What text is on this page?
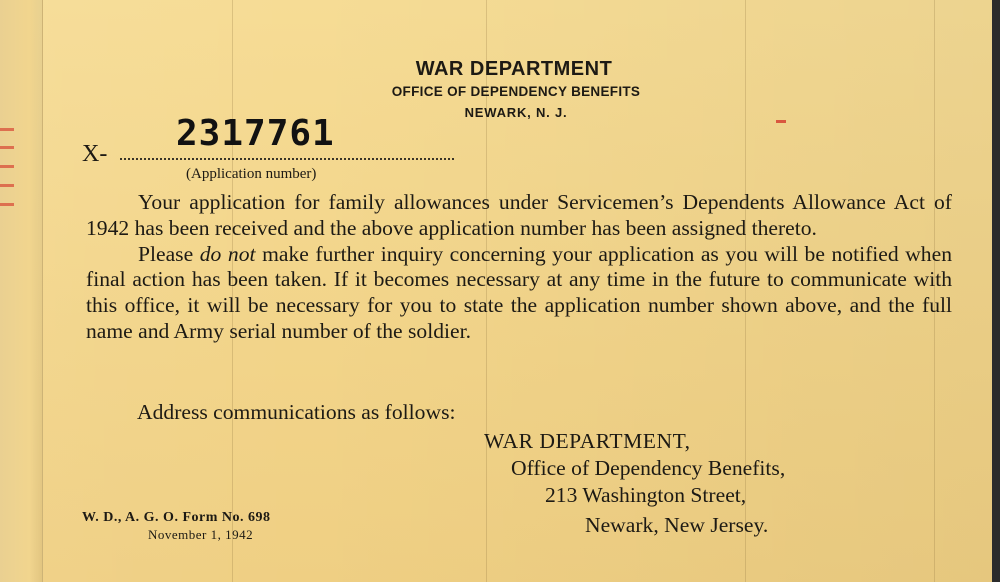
WAR DEPARTMENT
OFFICE OF DEPENDENCY BENEFITS
NEWARK, N. J.
2317761
X-
(Application number)

Your application for family allowances under Servicemen’s Dependents Allowance Act of 1942 has been received and the above application number has been assigned thereto.

Please do not make further inquiry concerning your application as you will be notified when final action has been taken. If it becomes necessary at any time in the future to communicate with this office, it will be necessary for you to state the application number shown above, and the full name and Army serial number of the soldier.

Address communications as follows:
WAR DEPARTMENT,
Office of Dependency Benefits,
213 Washington Street,
Newark, New Jersey.
W. D., A. G. O. Form No. 698
November 1, 1942
